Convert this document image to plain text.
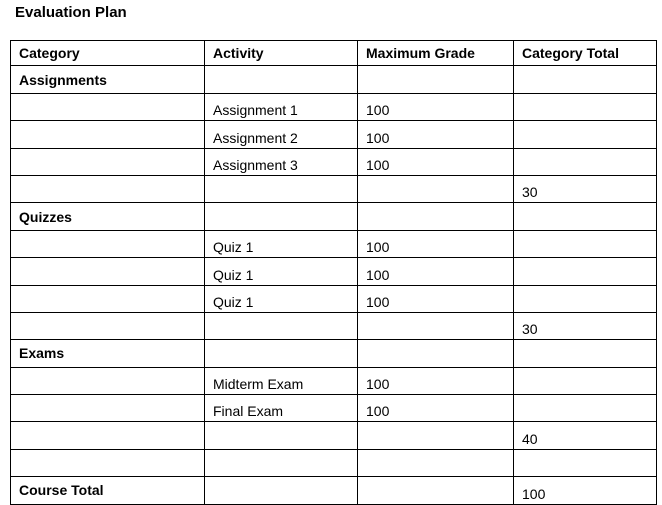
Evaluation Plan
Category	Activity	Maximum Grade	Category Total
Assignments			
	Assignment 1	100	
	Assignment 2	100	
	Assignment 3	100	
			30
Quizzes			
	Quiz 1	100	
	Quiz 1	100	
	Quiz 1	100	
			30
Exams			
	Midterm Exam	100	
	Final Exam	100	
			40

Course Total			100
